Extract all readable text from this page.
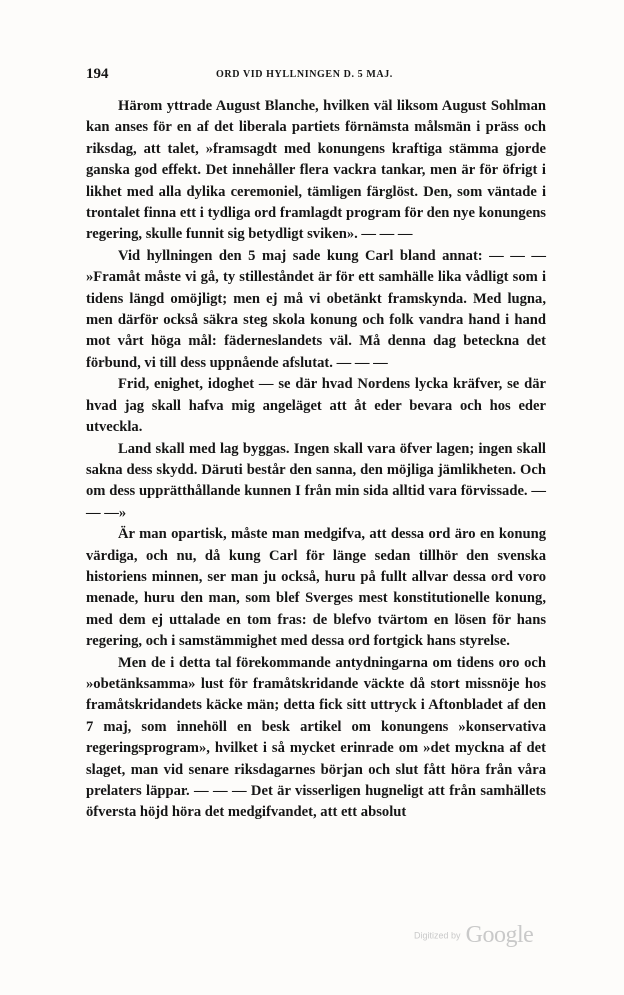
194	ORD VID HYLLNINGEN D. 5 MAJ.

Härom yttrade August Blanche, hvilken väl liksom August Sohlman kan anses för en af det liberala partiets förnämsta målsmän i präss och riksdag, att talet, »framsagdt med konungens kraftiga stämma gjorde ganska god effekt. Det innehåller flera vackra tankar, men är för öfrigt i likhet med alla dylika ceremoniel, tämligen färglöst. Den, som väntade i trontalet finna ett i tydliga ord framlagdt program för den nye konungens regering, skulle funnit sig betydligt sviken». — — —

Vid hyllningen den 5 maj sade kung Carl bland annat: — — — »Framåt måste vi gå, ty stilleståndet är för ett samhälle lika vådligt som i tidens längd omöjligt; men ej må vi obetänkt framskynda. Med lugna, men därför också säkra steg skola konung och folk vandra hand i hand mot vårt höga mål: fäderneslandets väl. Må denna dag beteckna det förbund, vi till dess uppnående afslutat. — — —

Frid, enighet, idoghet — se där hvad Nordens lycka kräfver, se där hvad jag skall hafva mig angeläget att åt eder bevara och hos eder utveckla.

Land skall med lag byggas. Ingen skall vara öfver lagen; ingen skall sakna dess skydd. Däruti består den sanna, den möjliga jämlikheten. Och om dess upprätthållande kunnen I från min sida alltid vara förvissade. — — —»

Är man opartisk, måste man medgifva, att dessa ord äro en konung värdiga, och nu, då kung Carl för länge sedan tillhör den svenska historiens minnen, ser man ju också, huru på fullt allvar dessa ord voro menade, huru den man, som blef Sverges mest konstitutionelle konung, med dem ej uttalade en tom fras: de blefvo tvärtom en lösen för hans regering, och i samstämmighet med dessa ord fortgick hans styrelse.

Men de i detta tal förekommande antydningarna om tidens oro och »obetänksamma» lust för framåtskridande väckte då stort missnöje hos framåtskridandets käcke män; detta fick sitt uttryck i Aftonbladet af den 7 maj, som innehöll en besk artikel om konungens »konservativa regeringsprogram», hvilket i så mycket erinrade om »det myckna af det slaget, man vid senare riksdagarnes början och slut fått höra från våra prelaters läppar. — — — Det är visserligen hugneligt att från samhällets öfversta höjd höra det medgifvandet, att ett absolut

Digitized by Google
